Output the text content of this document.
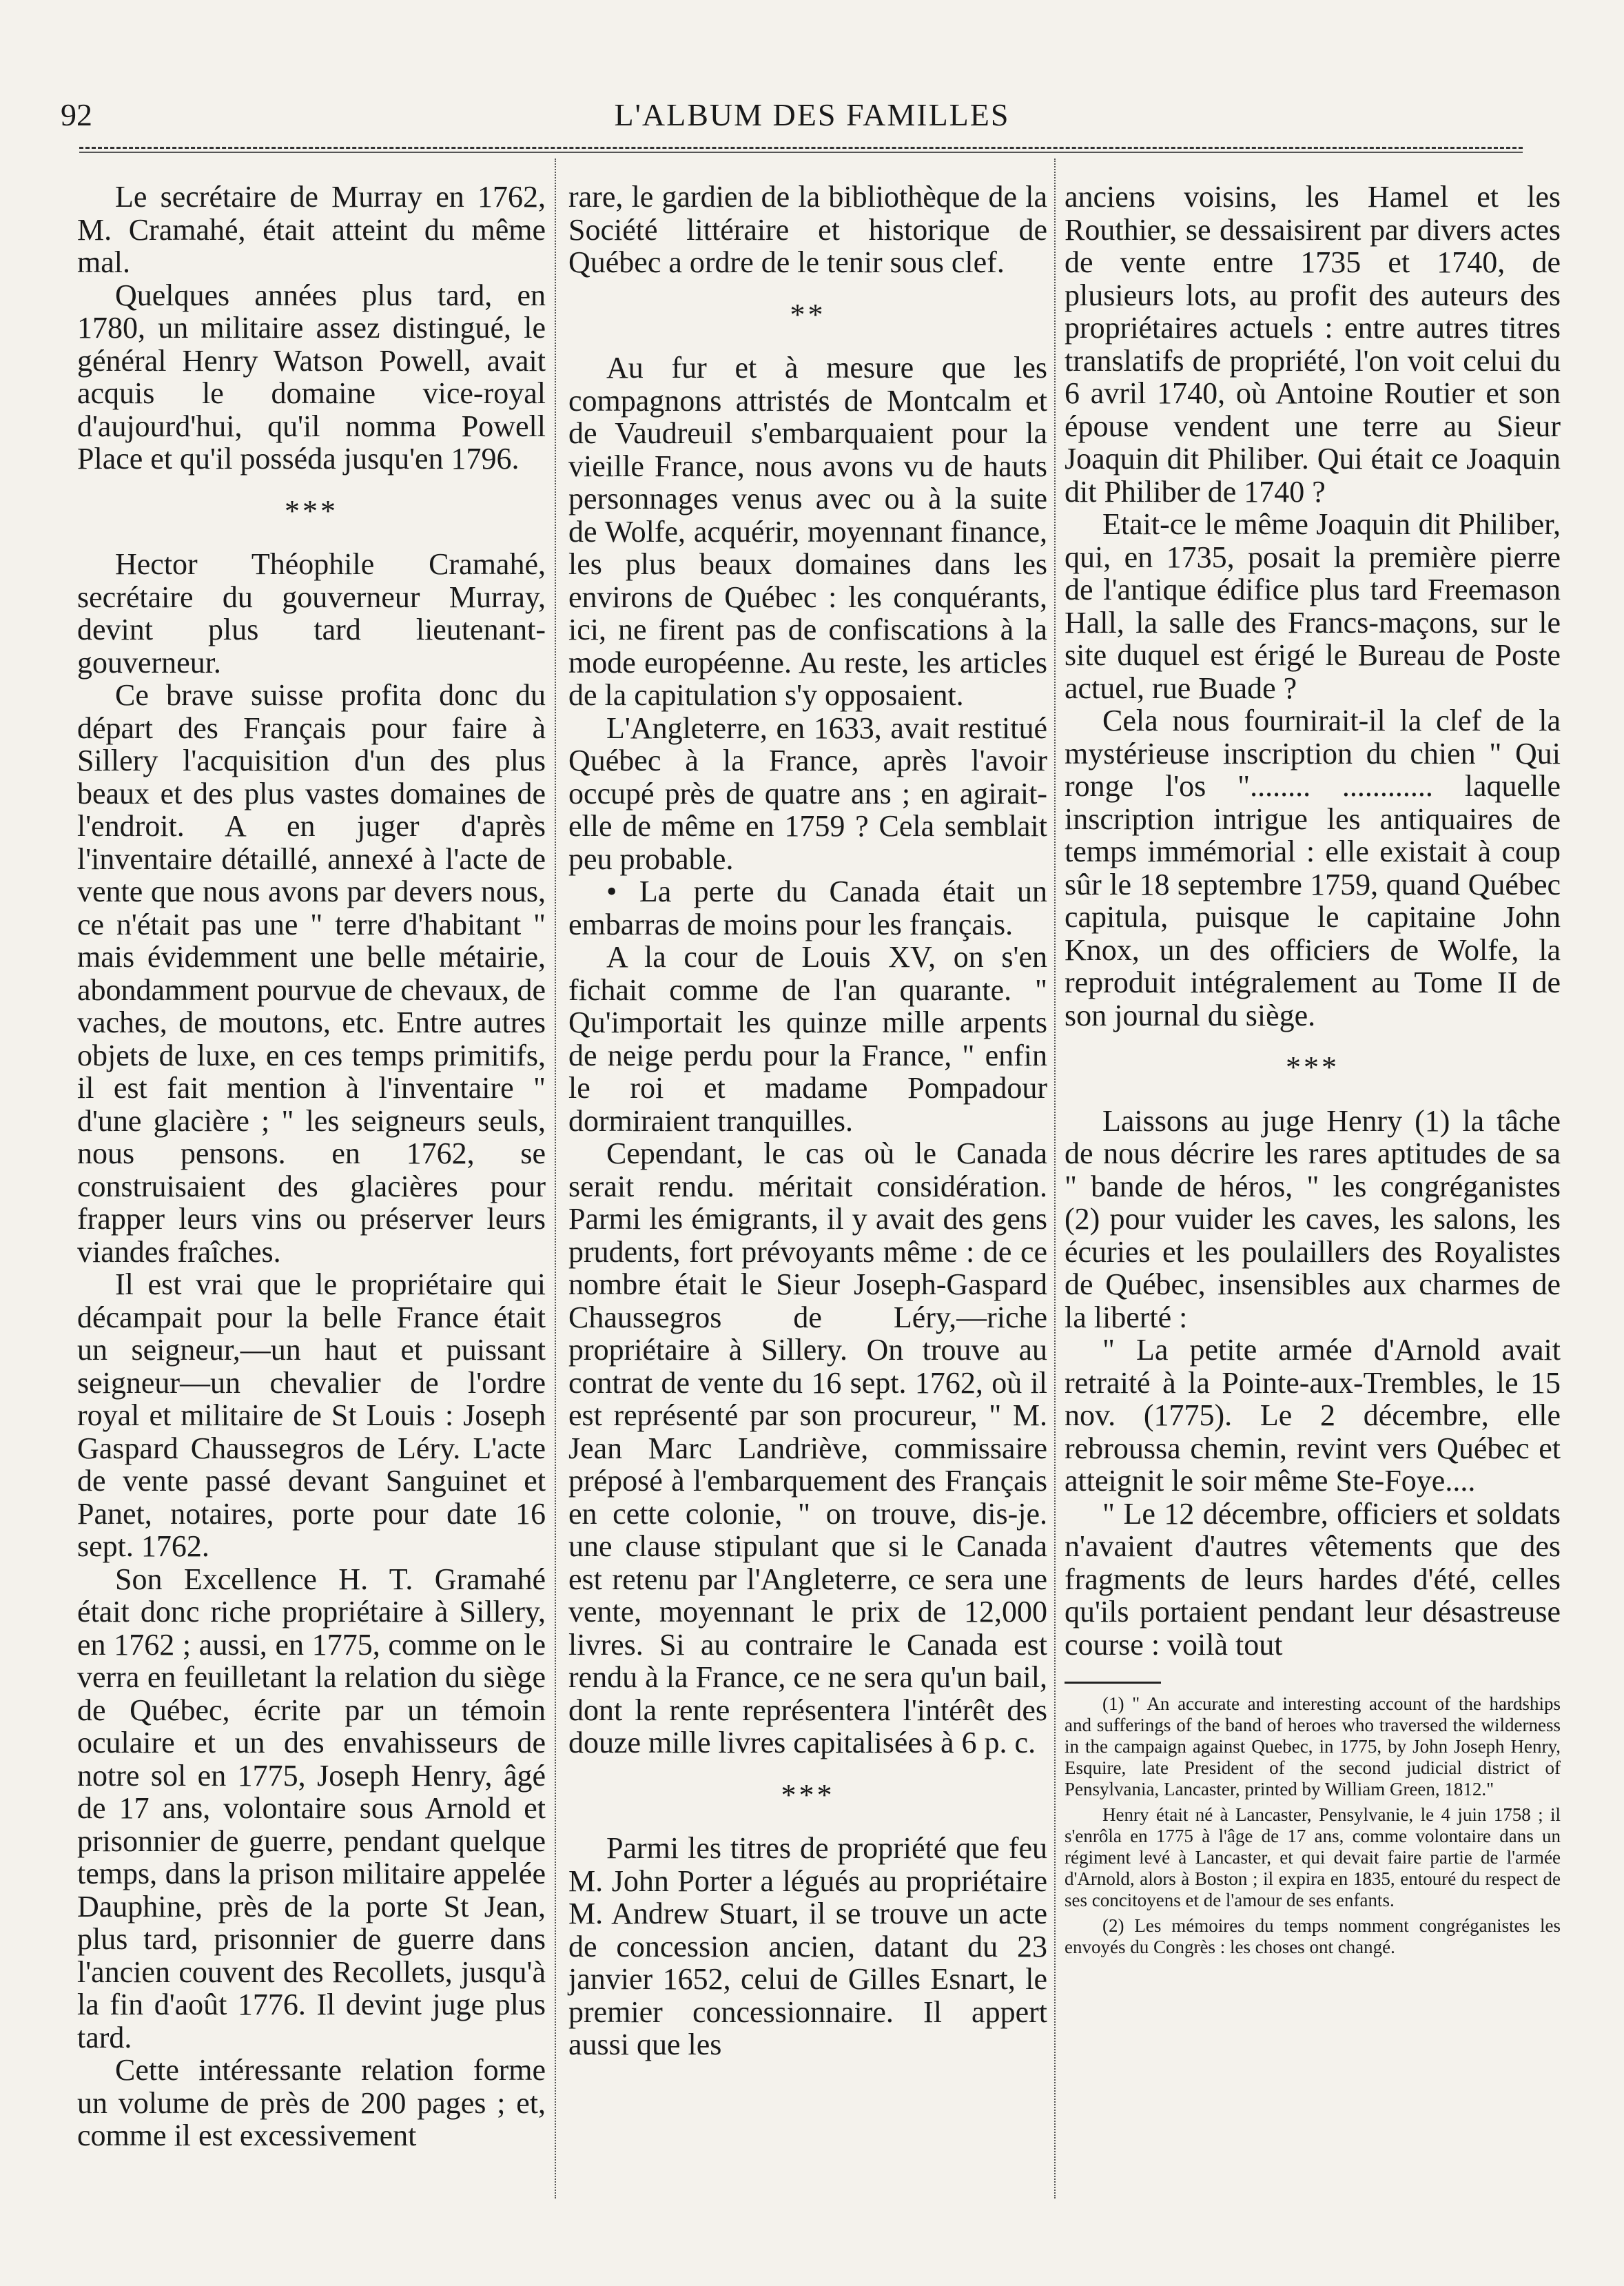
92	L'ALBUM DES FAMILLES

Le secrétaire de Murray en 1762, M. Cramahé, était atteint du même mal.

Quelques années plus tard, en 1780, un militaire assez distingué, le général Henry Watson Powell, avait acquis le domaine vice-royal d'aujourd'hui, qu'il nomma Powell Place et qu'il posséda jusqu'en 1796.

***

Hector Théophile Cramahé, secrétaire du gouverneur Murray, devint plus tard lieutenant-gouverneur.

Ce brave suisse profita donc du départ des Français pour faire à Sillery l'acquisition d'un des plus beaux et des plus vastes domaines de l'endroit. A en juger d'après l'inventaire détaillé, annexé à l'acte de vente que nous avons par devers nous, ce n'était pas une " terre d'habitant " mais évidemment une belle métairie, abondamment pourvue de chevaux, de vaches, de moutons, etc. Entre autres objets de luxe, en ces temps primitifs, il est fait mention à l'inventaire " d'une glacière ; " les seigneurs seuls, nous pensons. en 1762, se construisaient des glacières pour frapper leurs vins ou préserver leurs viandes fraîches.

Il est vrai que le propriétaire qui décampait pour la belle France était un seigneur,—un haut et puissant seigneur—un chevalier de l'ordre royal et militaire de St Louis : Joseph Gaspard Chaussegros de Léry. L'acte de vente passé devant Sanguinet et Panet, notaires, porte pour date 16 sept. 1762.

Son Excellence H. T. Gramahé était donc riche propriétaire à Sillery, en 1762 ; aussi, en 1775, comme on le verra en feuilletant la relation du siège de Québec, écrite par un témoin oculaire et un des envahisseurs de notre sol en 1775, Joseph Henry, âgé de 17 ans, volontaire sous Arnold et prisonnier de guerre, pendant quelque temps, dans la prison militaire appelée Dauphine, près de la porte St Jean, plus tard, prisonnier de guerre dans l'ancien couvent des Recollets, jusqu'à la fin d'août 1776. Il devint juge plus tard.

Cette intéressante relation forme un volume de près de 200 pages ; et, comme il est excessivement

rare, le gardien de la bibliothèque de la Société littéraire et historique de Québec a ordre de le tenir sous clef.

**

Au fur et à mesure que les compagnons attristés de Montcalm et de Vaudreuil s'embarquaient pour la vieille France, nous avons vu de hauts personnages venus avec ou à la suite de Wolfe, acquérir, moyennant finance, les plus beaux domaines dans les environs de Québec : les conquérants, ici, ne firent pas de confiscations à la mode européenne. Au reste, les articles de la capitulation s'y opposaient.

L'Angleterre, en 1633, avait restitué Québec à la France, après l'avoir occupé près de quatre ans ; en agirait-elle de même en 1759 ? Cela semblait peu probable.

• La perte du Canada était un embarras de moins pour les français.

A la cour de Louis XV, on s'en fichait comme de l'an quarante. " Qu'importait les quinze mille arpents de neige perdu pour la France, " enfin le roi et madame Pompadour dormiraient tranquilles.

Cependant, le cas où le Canada serait rendu. méritait considération. Parmi les émigrants, il y avait des gens prudents, fort prévoyants même : de ce nombre était le Sieur Joseph-Gaspard Chaussegros de Léry,—riche propriétaire à Sillery. On trouve au contrat de vente du 16 sept. 1762, où il est représenté par son procureur, " M. Jean Marc Landriève, commissaire préposé à l'embarquement des Français en cette colonie, " on trouve, dis-je. une clause stipulant que si le Canada est retenu par l'Angleterre, ce sera une vente, moyennant le prix de 12,000 livres. Si au contraire le Canada est rendu à la France, ce ne sera qu'un bail, dont la rente représentera l'intérêt des douze mille livres capitalisées à 6 p. c.

***

Parmi les titres de propriété que feu M. John Porter a légués au propriétaire M. Andrew Stuart, il se trouve un acte de concession ancien, datant du 23 janvier 1652, celui de Gilles Esnart, le premier concessionnaire. Il appert aussi que les

anciens voisins, les Hamel et les Routhier, se dessaisirent par divers actes de vente entre 1735 et 1740, de plusieurs lots, au profit des auteurs des propriétaires actuels : entre autres titres translatifs de propriété, l'on voit celui du 6 avril 1740, où Antoine Routier et son épouse vendent une terre au Sieur Joaquin dit Philiber. Qui était ce Joaquin dit Philiber de 1740 ?

Etait-ce le même Joaquin dit Philiber, qui, en 1735, posait la première pierre de l'antique édifice plus tard Freemason Hall, la salle des Francs-maçons, sur le site duquel est érigé le Bureau de Poste actuel, rue Buade ?

Cela nous fournirait-il la clef de la mystérieuse inscription du chien " Qui ronge l'os "........ ............ laquelle inscription intrigue les antiquaires de temps immémorial : elle existait à coup sûr le 18 septembre 1759, quand Québec capitula, puisque le capitaine John Knox, un des officiers de Wolfe, la reproduit intégralement au Tome II de son journal du siège.

***

Laissons au juge Henry (1) la tâche de nous décrire les rares aptitudes de sa " bande de héros, " les congréganistes (2) pour vuider les caves, les salons, les écuries et les poulaillers des Royalistes de Québec, insensibles aux charmes de la liberté :

" La petite armée d'Arnold avait retraité à la Pointe-aux-Trembles, le 15 nov. (1775). Le 2 décembre, elle rebroussa chemin, revint vers Québec et atteignit le soir même Ste-Foye....

" Le 12 décembre, officiers et soldats n'avaient d'autres vêtements que des fragments de leurs hardes d'été, celles qu'ils portaient pendant leur désastreuse course : voilà tout

(1) " An accurate and interesting account of the hardships and sufferings of the band of heroes who traversed the wilderness in the campaign against Quebec, in 1775, by John Joseph Henry, Esquire, late President of the second judicial district of Pensylvania, Lancaster, printed by William Green, 1812."

Henry était né à Lancaster, Pensylvanie, le 4 juin 1758 ; il s'enrôla en 1775 à l'âge de 17 ans, comme volontaire dans un régiment levé à Lancaster, et qui devait faire partie de l'armée d'Arnold, alors à Boston ; il expira en 1835, entouré du respect de ses concitoyens et de l'amour de ses enfants.

(2) Les mémoires du temps nomment congréganistes les envoyés du Congrès : les choses ont changé.
